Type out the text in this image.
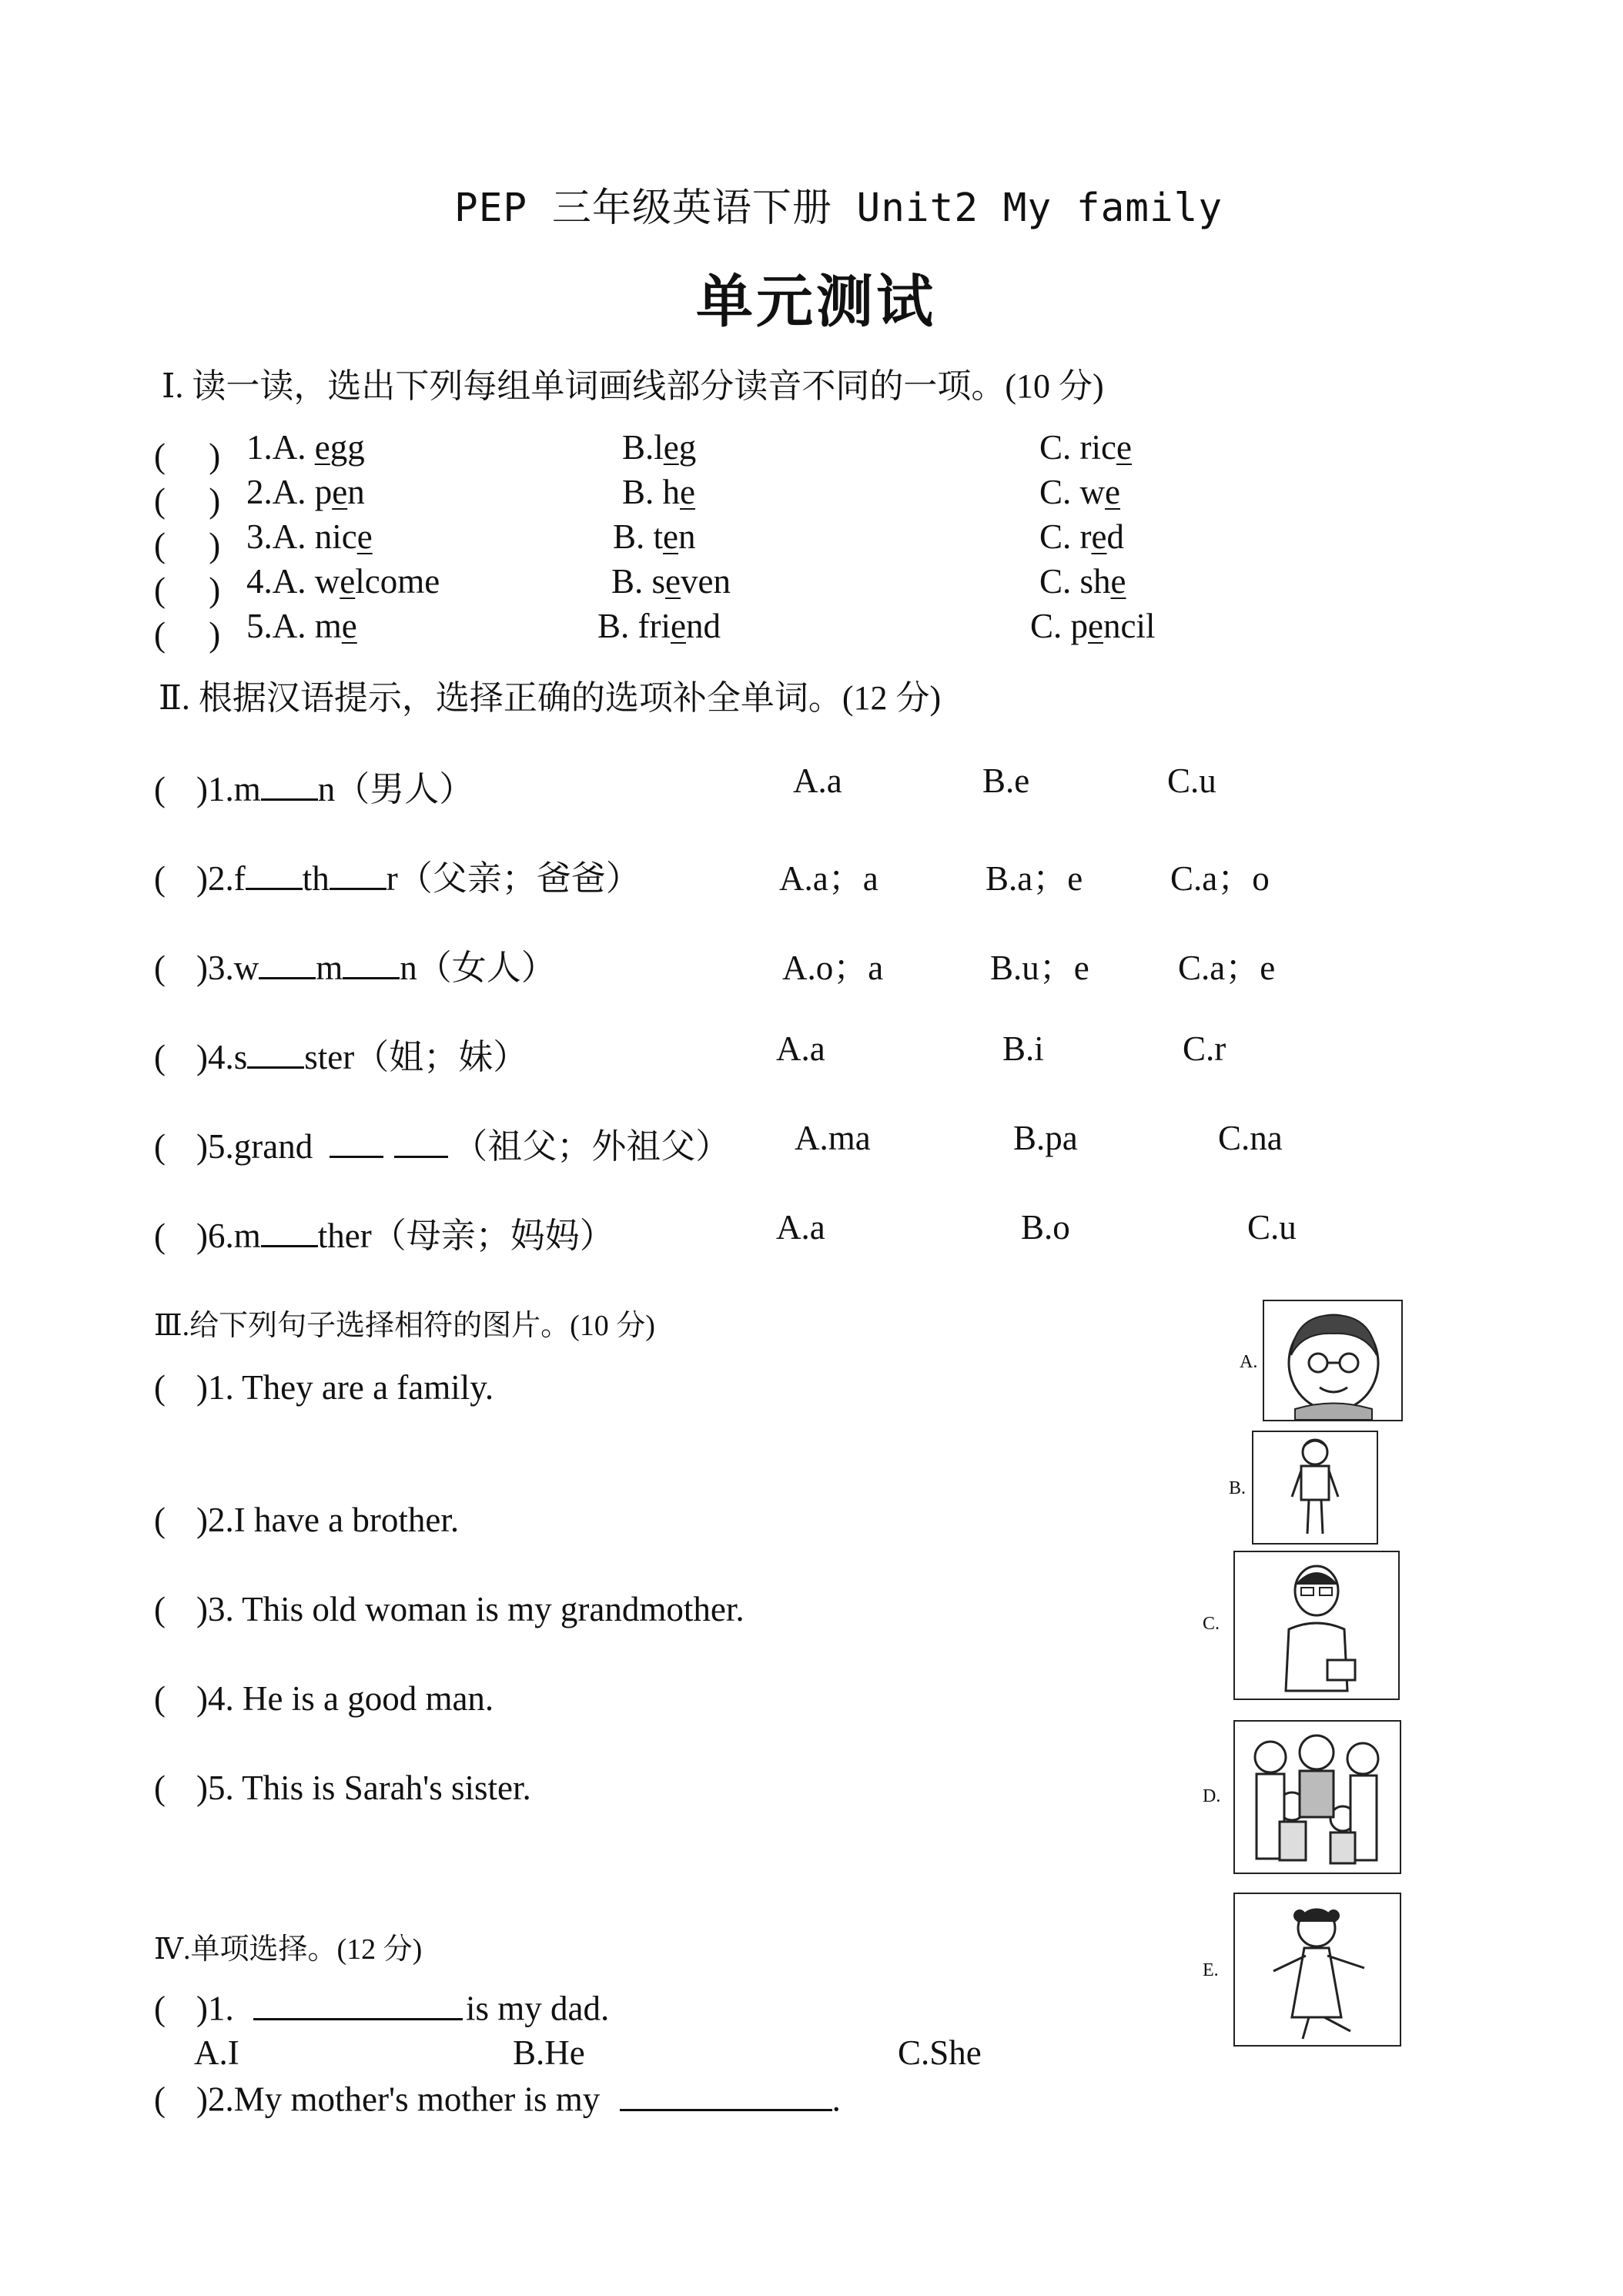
PEP 三年级英语下册 Unit2 My family
单元测试
Ⅰ. 读一读，选出下列每组单词画线部分读音不同的一项。(10 分)
(　 ) 1.A. egg	B.leg	C. rice
(　 ) 2.A. pen	B. he	C. we
(　 ) 3.A. nice	B. ten	C. red
(　 ) 4.A. welcome	B. seven	C. she
(　 ) 5.A. me	B. friend	C. pencil
Ⅱ. 根据汉语提示，选择正确的选项补全单词。(12 分)
( )1.m n（男人）	A.a	B.e	C.u
( )2.f th r（父亲；爸爸）	A.a；a	B.a；e	C.a；o
( )3.w m n（女人）	A.o；a	B.u；e	C.a；e
( )4.s ster（姐；妹）	A.a	B.i	C.r
( )5.grand	（祖父；外祖父） A.ma	B.pa	C.na
( )6.m ther（母亲；妈妈）	A.a	B.o	C.u
Ⅲ.给下列句子选择相符的图片。(10 分)
( )1. They are a family.
( )2.I have a brother.
( )3. This old woman is my grandmother.
( )4. He is a good man.
( )5. This is Sarah's sister.
A.
B.
C.
D.
E.
Ⅳ.单项选择。(12 分)
( )1.	is my dad.
A.I	B.He	C.She
( )2.My mother's mother is my	.
